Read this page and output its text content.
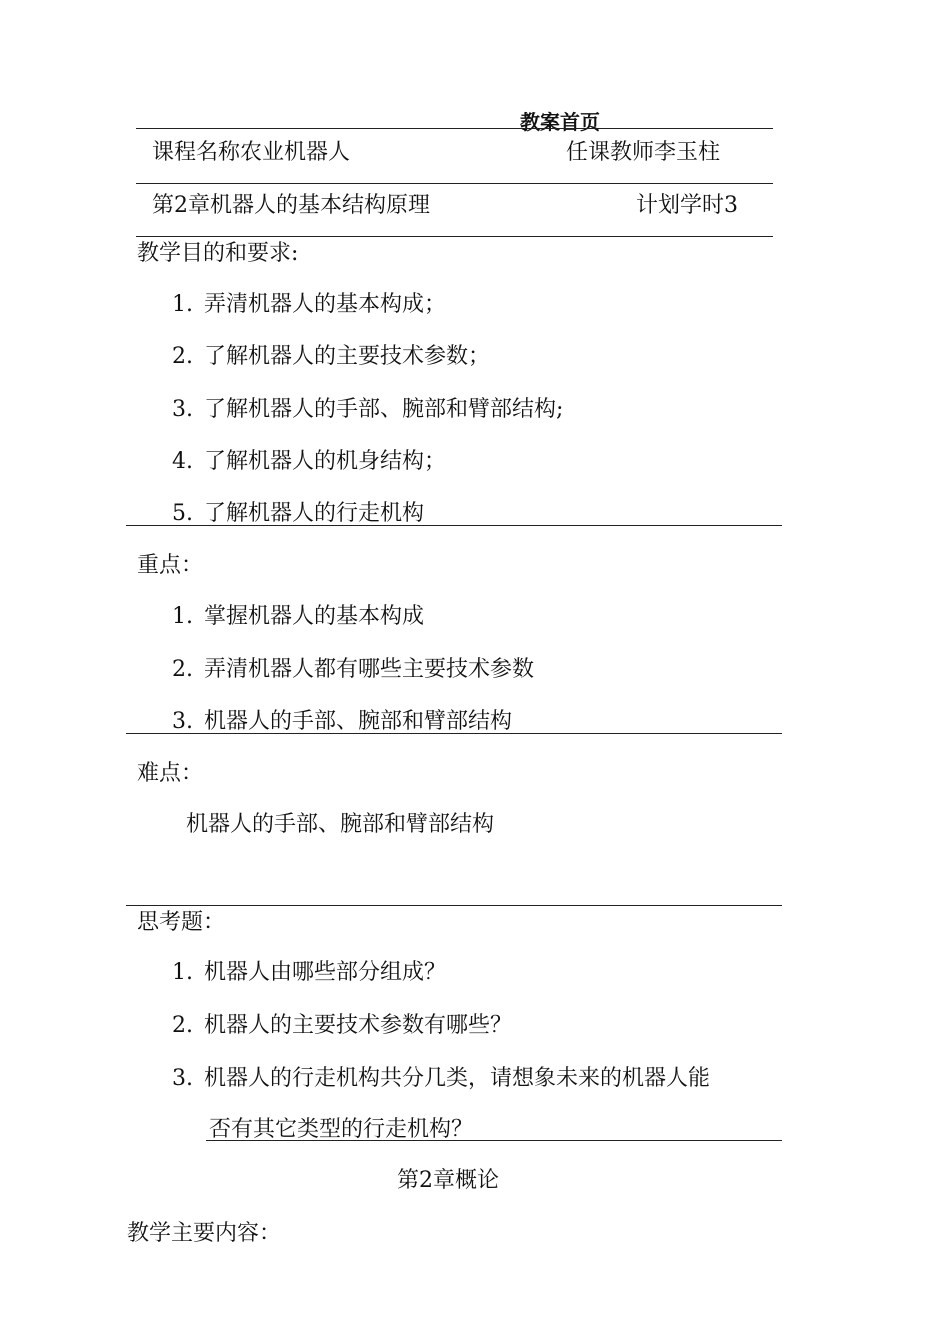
教案首页
课程名称农业机器人	任课教师李玉柱
第2章机器人的基本结构原理	计划学时3
教学目的和要求:
1. 弄清机器人的基本构成；
2. 了解机器人的主要技术参数；
3. 了解机器人的手部、腕部和臂部结构;
4. 了解机器人的机身结构；
5. 了解机器人的行走机构
重点：
1. 掌握机器人的基本构成
2. 弄清机器人都有哪些主要技术参数
3. 机器人的手部、腕部和臂部结构
难点：
机器人的手部、腕部和臂部结构
思考题：
1. 机器人由哪些部分组成？
2. 机器人的主要技术参数有哪些？
3. 机器人的行走机构共分几类，请想象未来的机器人能
否有其它类型的行走机构？
第2章概论
教学主要内容：
